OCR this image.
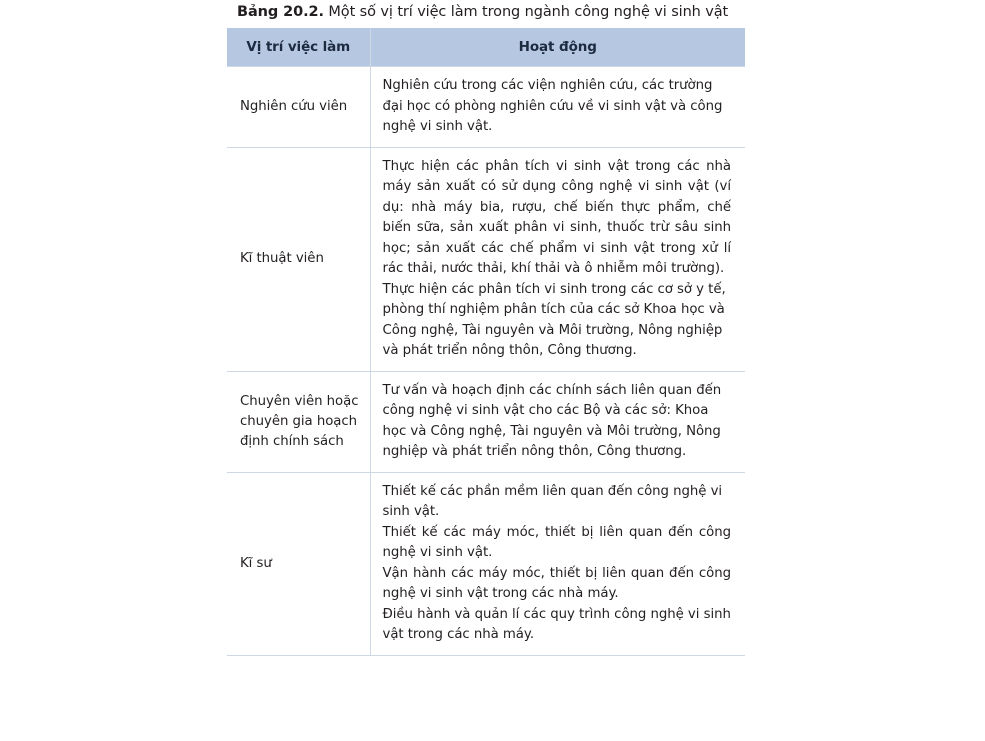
Bảng 20.2. Một số vị trí việc làm trong ngành công nghệ vi sinh vật
Vị trí việc làm	Hoạt động
Nghiên cứu viên	Nghiên cứu trong các viện nghiên cứu, các trường đại học có phòng nghiên cứu về vi sinh vật và công nghệ vi sinh vật.

Kĩ thuật viên	Thực hiện các phân tích vi sinh vật trong các nhà máy sản xuất có sử dụng công nghệ vi sinh vật (ví dụ: nhà máy bia, rượu, chế biến thực phẩm, chế biến sữa, sản xuất phân vi sinh, thuốc trừ sâu sinh học; sản xuất các chế phẩm vi sinh vật trong xử lí rác thải, nước thải, khí thải và ô nhiễm môi trường).

Thực hiện các phân tích vi sinh trong các cơ sở y tế, phòng thí nghiệm phân tích của các sở Khoa học và Công nghệ, Tài nguyên và Môi trường, Nông nghiệp và phát triển nông thôn, Công thương.

Chuyên viên hoặc chuyên gia hoạch định chính sách	Tư vấn và hoạch định các chính sách liên quan đến công nghệ vi sinh vật cho các Bộ và các sở: Khoa học và Công nghệ, Tài nguyên và Môi trường, Nông nghiệp và phát triển nông thôn, Công thương.

Kĩ sư	Thiết kế các phần mềm liên quan đến công nghệ vi sinh vật.

Thiết kế các máy móc, thiết bị liên quan đến công nghệ vi sinh vật.

Vận hành các máy móc, thiết bị liên quan đến công nghệ vi sinh vật trong các nhà máy.

Điều hành và quản lí các quy trình công nghệ vi sinh vật trong các nhà máy.
